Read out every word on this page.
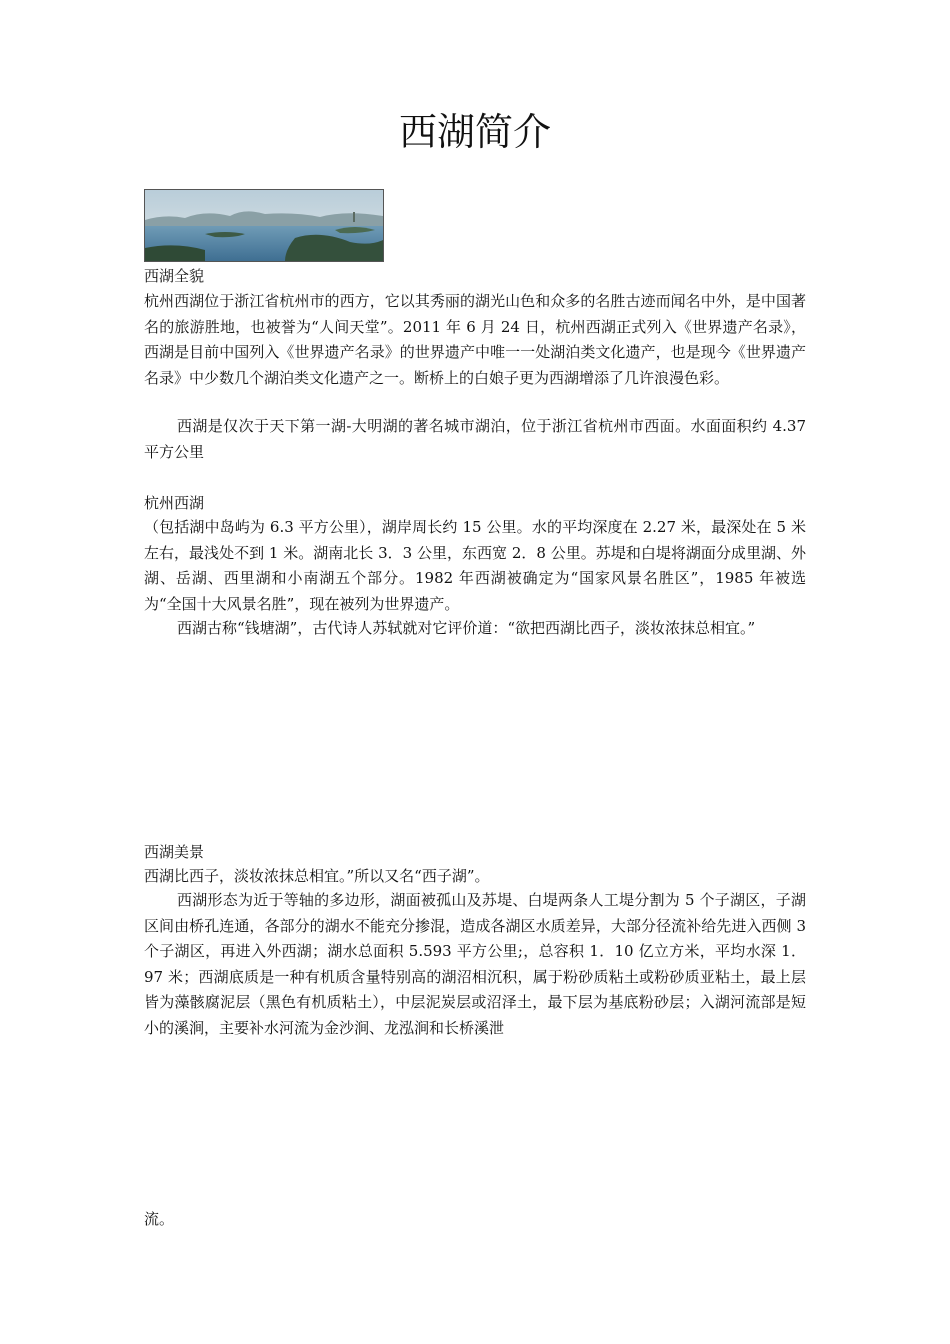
西湖简介

西湖全貌

杭州西湖位于浙江省杭州市的西方，它以其秀丽的湖光山色和众多的名胜古迹而闻名中外，是中国著名的旅游胜地，也被誉为“人间天堂”。2011 年 6 月 24 日，杭州西湖正式列入《世界遗产名录》，西湖是目前中国列入《世界遗产名录》的世界遗产中唯一一处湖泊类文化遗产，也是现今《世界遗产名录》中少数几个湖泊类文化遗产之一。断桥上的白娘子更为西湖增添了几许浪漫色彩。

西湖是仅次于天下第一湖-大明湖的著名城市湖泊，位于浙江省杭州市西面。水面面积约 4.37 平方公里

杭州西湖

（包括湖中岛屿为 6.3 平方公里），湖岸周长约 15 公里。水的平均深度在 2.27 米，最深处在 5 米左右，最浅处不到 1 米。湖南北长 3．3 公里，东西宽 2．8 公里。苏堤和白堤将湖面分成里湖、外湖、岳湖、西里湖和小南湖五个部分。1982 年西湖被确定为“国家风景名胜区”，1985 年被选为“全国十大风景名胜”，现在被列为世界遗产。

西湖古称“钱塘湖”，古代诗人苏轼就对它评价道：“欲把西湖比西子，淡妆浓抹总相宜。”

西湖美景

西湖比西子，淡妆浓抹总相宜。”所以又名“西子湖”。

西湖形态为近于等轴的多边形，湖面被孤山及苏堤、白堤两条人工堤分割为 5 个子湖区，子湖区间由桥孔连通，各部分的湖水不能充分掺混，造成各湖区水质差异，大部分径流补给先进入西侧 3 个子湖区，再进入外西湖；湖水总面积 5.593 平方公里;，总容积 1．10 亿立方米，平均水深 1．97 米；西湖底质是一种有机质含量特别高的湖沼相沉积，属于粉砂质粘土或粉砂质亚粘土，最上层皆为藻骸腐泥层（黑色有机质粘土），中层泥炭层或沼泽土，最下层为基底粉砂层；入湖河流部是短小的溪涧，主要补水河流为金沙涧、龙泓涧和长桥溪泄

流。
